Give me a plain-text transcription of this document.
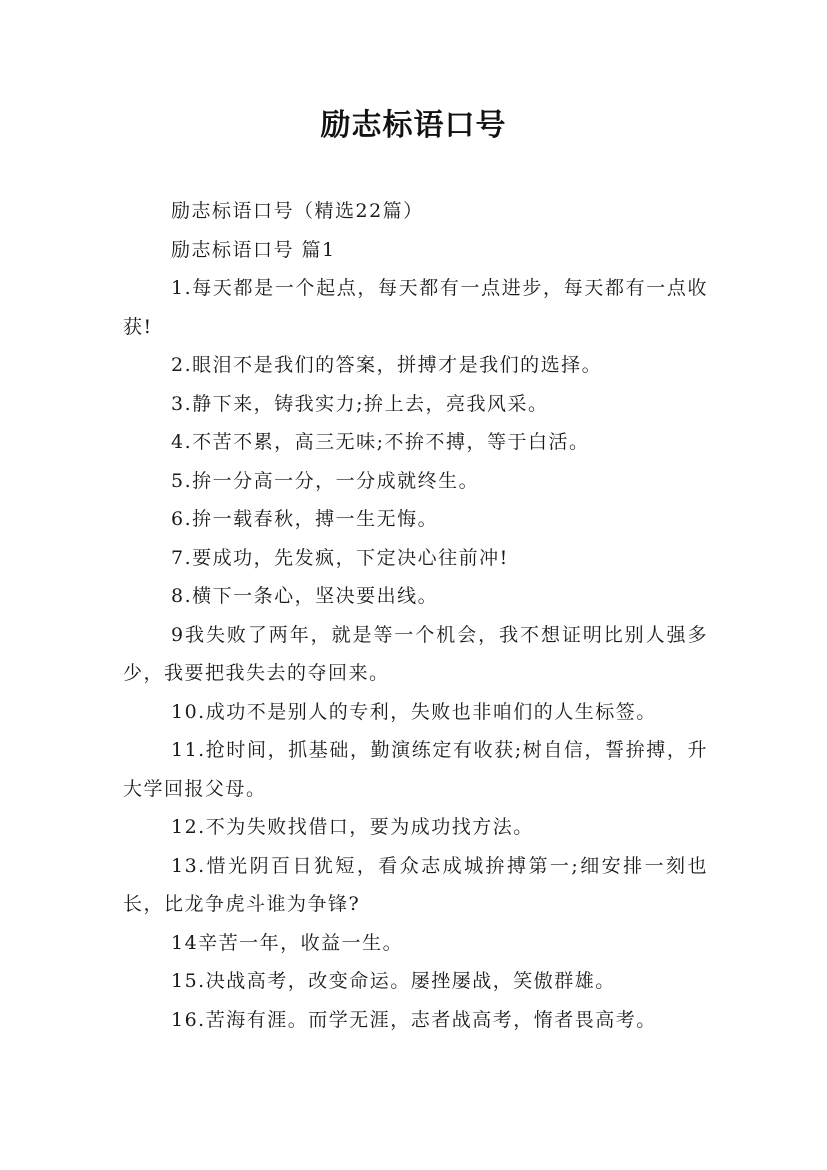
励志标语口号

励志标语口号（精选22篇）

励志标语口号 篇1

1.每天都是一个起点，每天都有一点进步，每天都有一点收获!

2.眼泪不是我们的答案，拼搏才是我们的选择。

3.静下来，铸我实力;拚上去，亮我风采。

4.不苦不累，高三无味;不拚不搏，等于白活。

5.拚一分高一分，一分成就终生。

6.拚一载春秋，搏一生无悔。

7.要成功，先发疯，下定决心往前冲!

8.横下一条心，坚决要出线。

9我失败了两年，就是等一个机会，我不想证明比别人强多少，我要把我失去的夺回来。

10.成功不是别人的专利，失败也非咱们的人生标签。

11.抢时间，抓基础，勤演练定有收获;树自信，誓拚搏，升大学回报父母。

12.不为失败找借口，要为成功找方法。

13.惜光阴百日犹短，看众志成城拚搏第一;细安排一刻也长，比龙争虎斗谁为争锋?

14辛苦一年，收益一生。

15.决战高考，改变命运。屡挫屡战，笑傲群雄。

16.苦海有涯。而学无涯，志者战高考，惰者畏高考。
